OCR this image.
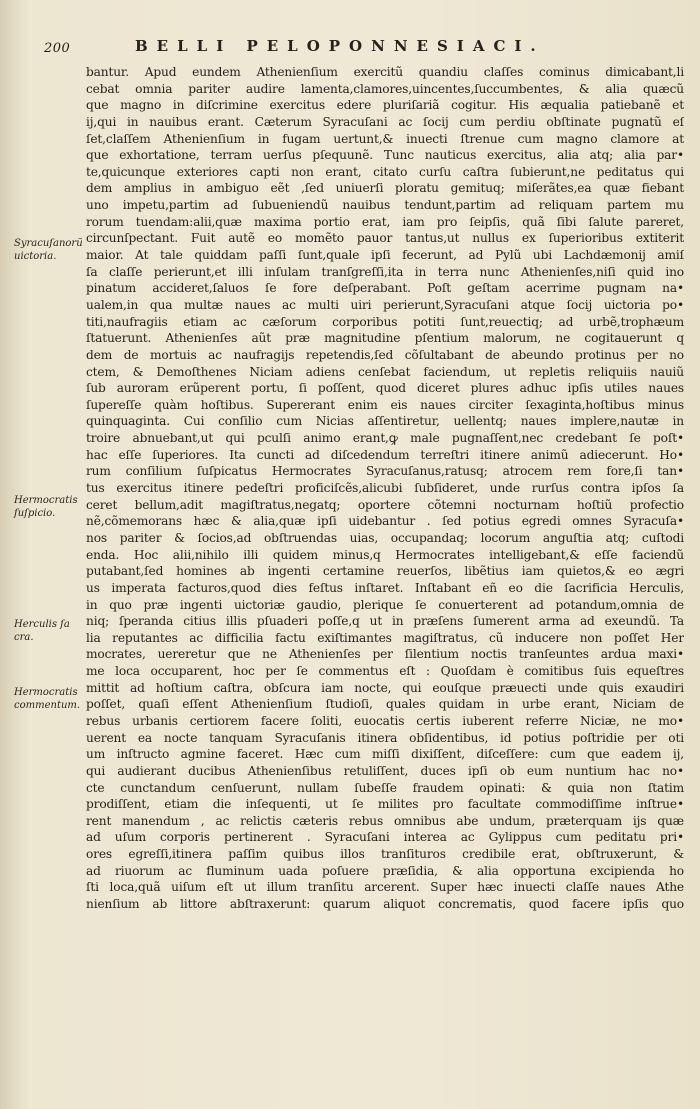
200	BELLI PELOPONNESIACI.
Syracuſanorũ
uictoria.
Hermocratis
ſuſpicio.
Herculis ſa
cra.
Hermocratis
commentum.
bantur. Apud eundem Athenienſium exercitũ quandiu claſſes cominus dimicabant,li
cebat omnia pariter audire lamenta,clamores,uincentes,ſuccumbentes, & alia quæcũ
que magno in diſcrimine exercitus edere pluriſariã cogitur. His æqualia patiebanẽ et
ij,qui in nauibus erant. Cæterum Syracuſani ac ſocij cum perdiu obſtinate pugnatũ eſ
ſet,claſſem Athenienſium in fugam uertunt,& inuecti ſtrenue cum magno clamore at
que exhortatione, terram uerſus pſequunẽ. Tunc nauticus exercitus, alia atq; alia par•
te,quicunque exteriores capti non erant, citato curſu caſtra ſubierunt,ne peditatus qui
dem amplius in ambiguo eẽt ,ſed uniuerſi ploratu gemituq; miſerãtes,ea quæ fiebant
uno impetu,partim ad ſubueniendũ nauibus tendunt,partim ad reliquam partem mu
rorum tuendam:alii,quæ maxima portio erat, iam pro ſeipſis, quã ſibi ſalute pareret,
circunſpectant. Fuit autẽ eo momẽto pauor tantus,ut nullus ex ſuperioribus extiterit
maior. At tale quiddam paſſi ſunt,quale ipſi fecerunt, ad Pylũ ubi Lachdæmonij amiſ
ſa claſſe perierunt,et illi inſulam tranſgreſſi,ita in terra nunc Athenienſes,niſi quid ino
pinatum accideret,ſaluos ſe fore deſperabant. Poſt geſtam acerrime pugnam na•
ualem,in qua multæ naues ac multi uiri perierunt,Syracuſani atque ſocij uictoria po•
titi,naufragiis etiam ac cæſorum corporibus potiti ſunt,reuectiq; ad urbẽ,trophæum
ſtatuerunt. Athenienſes aũt præ magnitudine pſentium malorum, ne cogitauerunt q
dem de mortuis ac naufragijs repetendis,ſed cõſultabant de abeundo protinus per no
ctem, & Demoſthenes Niciam adiens cenſebat faciendum, ut repletis reliquiis nauiũ
ſub auroram erũperent portu, ſi poſſent, quod diceret plures adhuc ipſis utiles naues
ſupereſſe quàm hoſtibus. Supererant enim eis naues circiter ſexaginta,hoſtibus minus
quinquaginta. Cui conſilio cum Nicias aſſentiretur, uellentq; naues implere,nautæ in
troire abnuebant,ut qui pculſi animo erant,ꝙ male pugnaſſent,nec credebant ſe poſt•
hac eſſe ſuperiores. Ita cuncti ad diſcedendum terreſtri itinere animũ adiecerunt. Ho•
rum conſilium ſuſpicatus Hermocrates Syracuſanus,ratusq; atrocem rem fore,ſi tan•
tus exercitus itinere pedeſtri proficiſcẽs,alicubi ſubſideret, unde rurſus contra ipſos ſa
ceret bellum,adit magiſtratus,negatq; oportere cõtemni nocturnam hoſtiũ profectio
nẽ,cõmemorans hæc & alia,quæ ipſi uidebantur . ſed potius egredi omnes Syracuſa•
nos pariter & ſocios,ad obſtruendas uias, occupandaq; locorum anguſtia atq; cuſtodi
enda. Hoc alii,nihilo illi quidem minus,q Hermocrates intelligebant,& eſſe faciendũ
putabant,ſed homines ab ingenti certamine reuerſos, libẽtius iam quietos,& eo ægri
us imperata facturos,quod dies feſtus inſtaret. Inſtabant eñ eo die ſacrificia Herculis,
in quo præ ingenti uictoriæ gaudio, plerique ſe conuerterent ad potandum,omnia de
niq; ſperanda citius illis pſuaderi poſſe,q ut in præſens ſumerent arma ad exeundũ. Ta
lia reputantes ac difficilia factu exiſtimantes magiſtratus, cũ inducere non poſſet Her
mocrates, uereretur que ne Athenienſes per ſilentium noctis tranſeuntes ardua maxi•
me loca occuparent, hoc per ſe commentus eſt : Quoſdam è comitibus ſuis equeſtres
mittit ad hoſtium caſtra, obſcura iam nocte, qui eouſque præuecti unde quis exaudiri
poſſet, quaſi eſſent Athenienſium ſtudioſi, quales quidam in urbe erant, Niciam de
rebus urbanis certiorem facere ſoliti, euocatis certis iuberent referre Niciæ, ne mo•
uerent ea nocte tanquam Syracuſanis itinera obſidentibus, id potius poſtridie per oti
um inſtructo agmine faceret. Hæc cum miſſi dixiſſent, diſceſſere: cum que eadem ij,
qui audierant ducibus Athenienſibus retuliſſent, duces ipſi ob eum nuntium hac no•
cte cunctandum cenſuerunt, nullam ſubeſſe fraudem opinati: & quia non ſtatim
prodiſſent, etiam die inſequenti, ut ſe milites pro facultate commodiſſime inſtrue•
rent manendum , ac relictis cæteris rebus omnibus abe undum, præterquam ijs quæ
ad uſum corporis pertinerent . Syracuſani interea ac Gylippus cum peditatu pri•
ores egreſſi,itinera paſſim quibus illos tranſituros credibile erat, obſtruxerunt, &
ad riuorum ac fluminum uada poſuere præſidia, & alia opportuna excipienda ho
ſti loca,quã uiſum eſt ut illum tranſitu arcerent. Super hæc inuecti claſſe naues Athe
nienſium ab littore abſtraxerunt: quarum aliquot concrematis, quod facere ipſis quo
